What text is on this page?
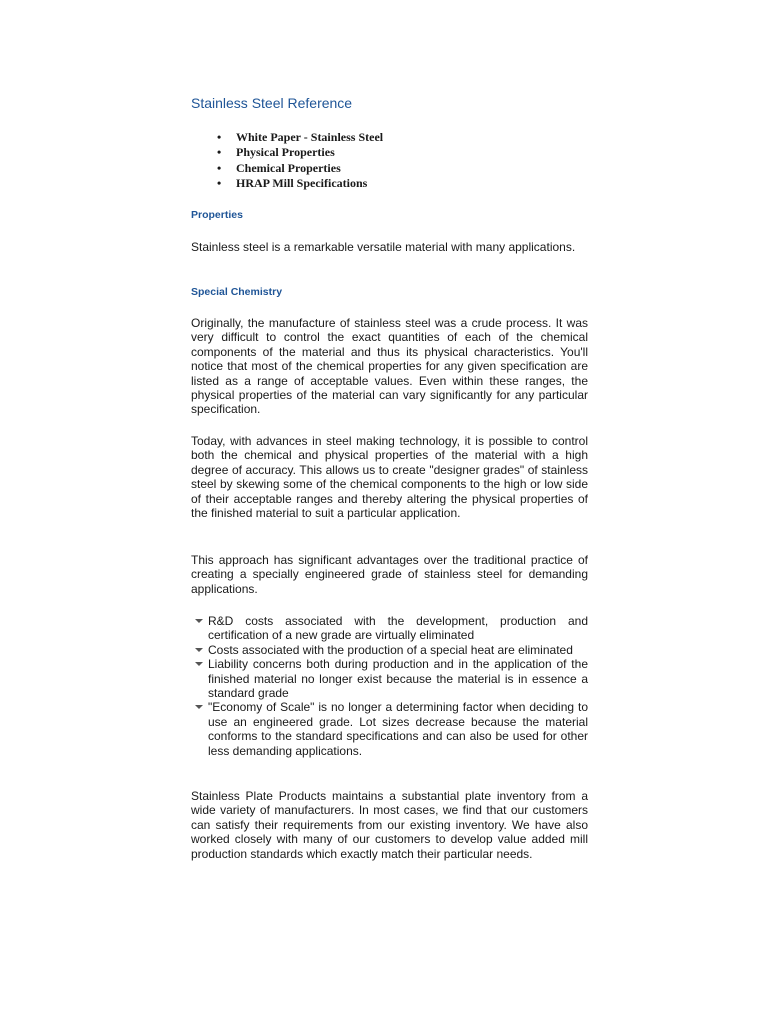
Stainless Steel Reference
• White Paper - Stainless Steel
• Physical Properties
• Chemical Properties
• HRAP Mill Specifications
Properties

Stainless steel is a remarkable versatile material with many applications.

Special Chemistry

Originally, the manufacture of stainless steel was a crude process. It was very difficult to control the exact quantities of each of the chemical components of the material and thus its physical characteristics. You'll notice that most of the chemical properties for any given specification are listed as a range of acceptable values. Even within these ranges, the physical properties of the material can vary significantly for any particular specification.

Today, with advances in steel making technology, it is possible to control both the chemical and physical properties of the material with a high degree of accuracy. This allows us to create "designer grades" of stainless steel by skewing some of the chemical components to the high or low side of their acceptable ranges and thereby altering the physical properties of the finished material to suit a particular application.

This approach has significant advantages over the traditional practice of creating a specially engineered grade of stainless steel for demanding applications.

R&D costs associated with the development, production and certification of a new grade are virtually eliminated
Costs associated with the production of a special heat are eliminated
Liability concerns both during production and in the application of the finished material no longer exist because the material is in essence a standard grade
"Economy of Scale" is no longer a determining factor when deciding to use an engineered grade. Lot sizes decrease because the material conforms to the standard specifications and can also be used for other less demanding applications.

Stainless Plate Products maintains a substantial plate inventory from a wide variety of manufacturers. In most cases, we find that our customers can satisfy their requirements from our existing inventory. We have also worked closely with many of our customers to develop value added mill production standards which exactly match their particular needs.
